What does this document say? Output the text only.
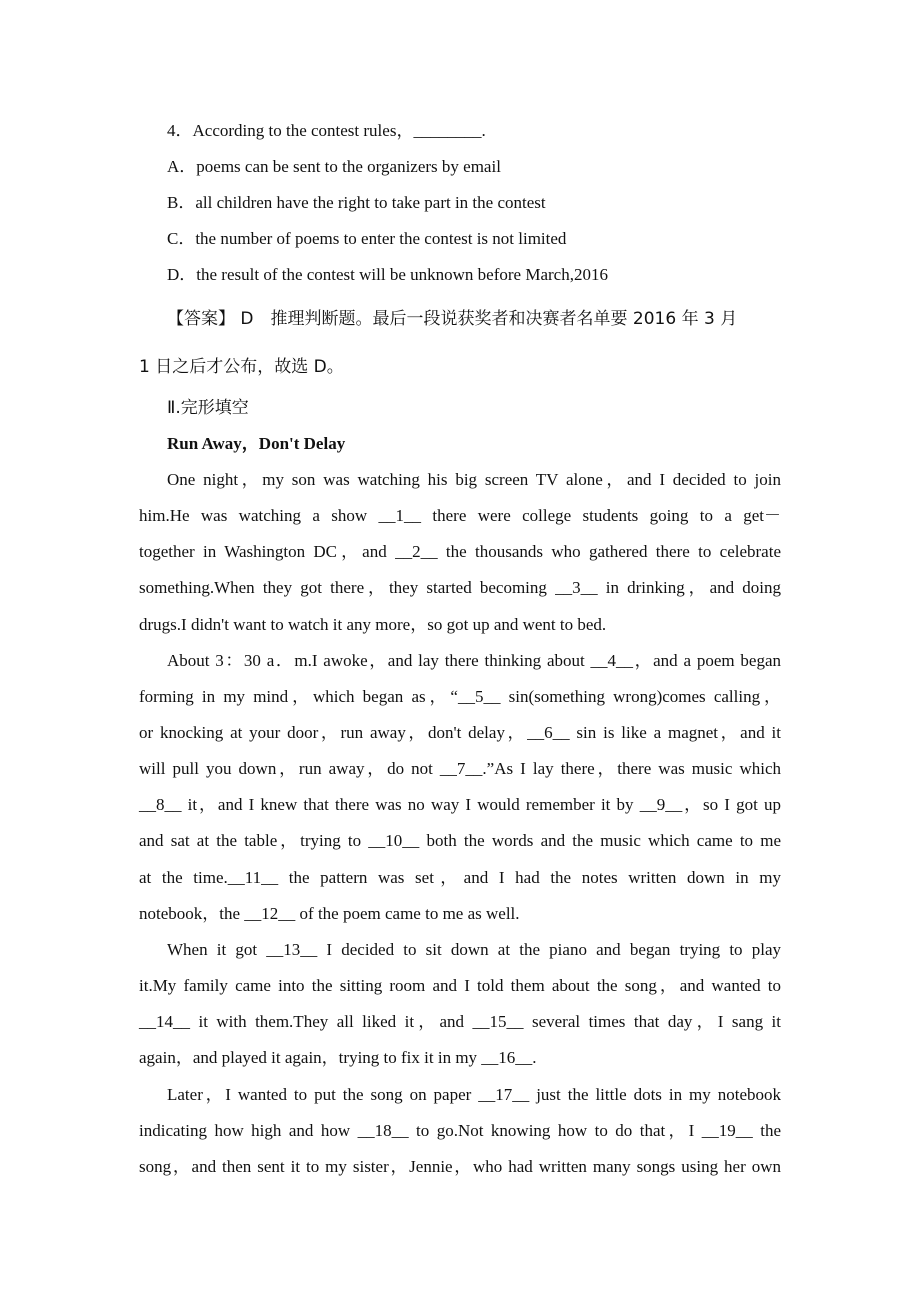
4．According to the contest rules，________.
A．poems can be sent to the organizers by email
B．all children have the right to take part in the contest
C．the number of poems to enter the contest is not limited
D．the result of the contest will be unknown before March,2016
【答案】 D　推理判断题。最后一段说获奖者和决赛者名单要 2016 年 3 月
1 日之后才公布，故选 D。
Ⅱ.完形填空
Run Away，Don't Delay
One night，my son was watching his big screen TV alone，and I decided to join
him.He was watching a show __1__ there were college students going to a get－
together in Washington DC，and __2__ the thousands who gathered there to celebrate
something.When they got there，they started becoming __3__ in drinking，and doing
drugs.I didn't want to watch it any more，so got up and went to bed.
About 3：30 a．m.I awoke，and lay there thinking about __4__，and a poem began
forming in my mind，which began as，“__5__ sin(something wrong)comes calling，
or knocking at your door，run away，don't delay，__6__ sin is like a magnet，and it
will pull you down，run away，do not __7__.”As I lay there，there was music which
__8__ it，and I knew that there was no way I would remember it by __9__，so I got up
and sat at the table，trying to __10__ both the words and the music which came to me
at the time.__11__ the pattern was set，and I had the notes written down in my
notebook，the __12__ of the poem came to me as well.
When it got __13__ I decided to sit down at the piano and began trying to play
it.My family came into the sitting room and I told them about the song，and wanted to
__14__ it with them.They all liked it，and __15__ several times that day，I sang it
again，and played it again，trying to fix it in my __16__.
Later，I wanted to put the song on paper __17__ just the little dots in my notebook
indicating how high and how __18__ to go.Not knowing how to do that，I __19__ the
song，and then sent it to my sister，Jennie，who had written many songs using her own
